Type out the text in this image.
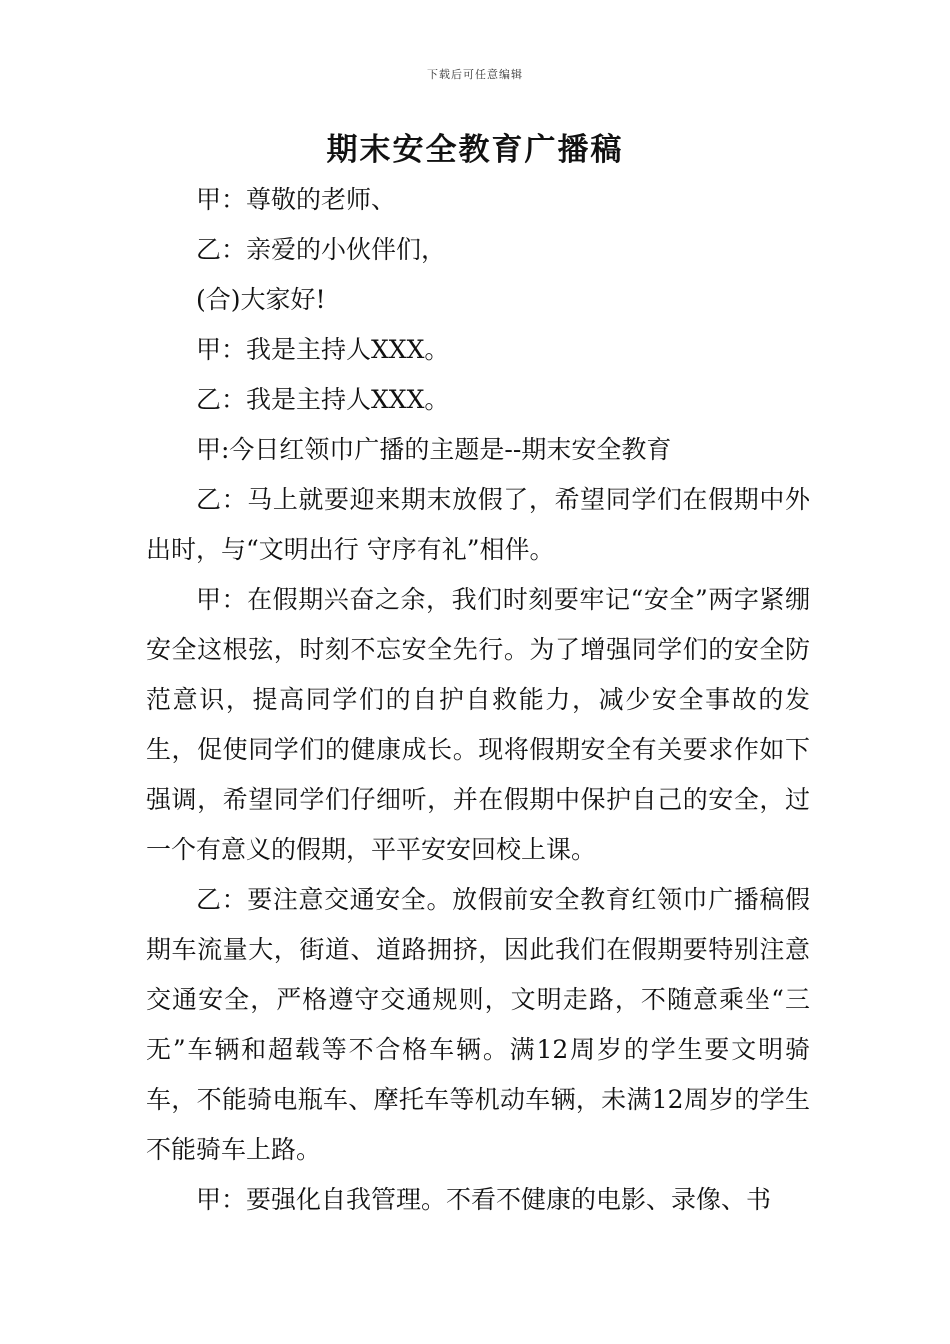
下载后可任意编辑
期末安全教育广播稿

甲：尊敬的老师、

乙：亲爱的小伙伴们，

(合)大家好!

甲：我是主持人XXX。

乙：我是主持人XXX。

甲:今日红领巾广播的主题是--期末安全教育

乙：马上就要迎来期末放假了，希望同学们在假期中外出时，与“文明出行 守序有礼”相伴。

甲：在假期兴奋之余，我们时刻要牢记“安全”两字紧绷安全这根弦，时刻不忘安全先行。为了增强同学们的安全防范意识，提高同学们的自护自救能力，减少安全事故的发生，促使同学们的健康成长。现将假期安全有关要求作如下强调，希望同学们仔细听，并在假期中保护自己的安全，过一个有意义的假期，平平安安回校上课。

乙：要注意交通安全。放假前安全教育红领巾广播稿假期车流量大，街道、道路拥挤，因此我们在假期要特别注意交通安全，严格遵守交通规则，文明走路，不随意乘坐“三无”车辆和超载等不合格车辆。满12周岁的学生要文明骑车，不能骑电瓶车、摩托车等机动车辆，未满12周岁的学生不能骑车上路。

甲：要强化自我管理。不看不健康的电影、录像、书
